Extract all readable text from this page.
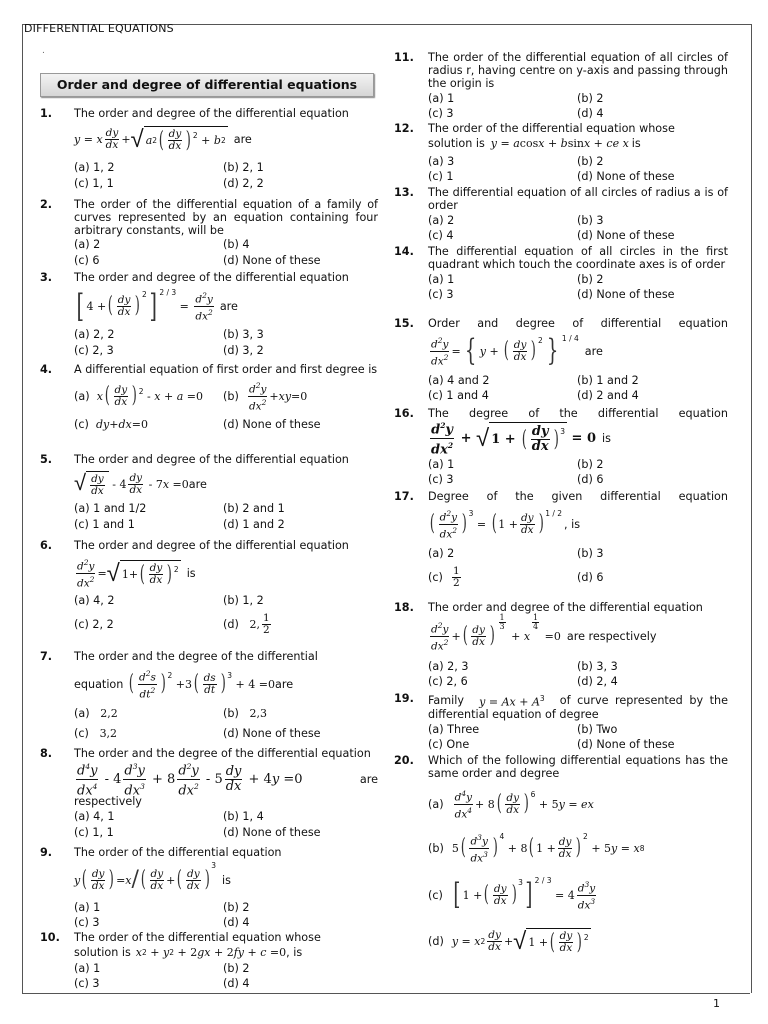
DIFFERENTIAL EQUATIONS
.
Order and degree of differential equations
1.	The order and degree of the differential equation
y = x $\frac{dy}{dx}$ + √ a 2 ( $\frac{dy}{dx} )^2 + b$ 2 are
(a) 1, 2	(b) 2, 1
(c) 1, 1	(d) 2, 2
2.	The order of the differential equation of a family of curves represented by an equation containing four arbitrary constants, will be
(a) 2	(b) 4
(c) 6	(d) None of these
3.	The order and degree of the differential equation
[ 4 + ( $\frac{dy}{dx} )^2$ ] $^{2 / 3}$
= $\frac{d^2y}{dx^2}$ are
(a) 2, 2	(b) 3, 3
(c) 2, 3	(d) 3, 2
4.	A differential equation of first order and first degree is
(a) x ( $\frac{dy}{dx} )^2 - x + a =0$ $(b) \frac{d^2y}{dx^2}$ + xy =0
(c) dy+dx=0	(d) None of these
5.	The order and degree of the differential equation
√ $\frac{dy}{dx} - 4 \frac{dy}{dx} - 7$ x =0 are
(a) 1 and 1/2	(b) 2 and 1
(c) 1 and 1	(d) 1 and 2
6.	The order and degree of the differential equation
$\frac{d^2y}{dx^2}$ = √ 1+ ( $\frac{dy}{dx} )^2$ is
(a) 4, 2	(b) 1, 2
(c) 2, 2	(d)
2, $\frac{1}{2}$
7.	The order and the degree of the differential
equation ( $\frac{d^2s}{dt^2} )^2$
+3 ( $\frac{ds}{dt} )^3$
+ 4 =0 are
(a) 2,2	(b) 2,3
(c) 3,2	(d) None of these
8.	The order and the degree of the differential equation
$\frac{d^4y}{dx^4} - 4 \frac{d^3y}{dx^3} + 8 \frac{d^2y}{dx^2} - 5 \frac{dy}{dx} + 4$ y =0	are
respectively
(a) 4, 1	(b) 1, 4
(c) 1, 1	(d) None of these
9.	The order of the differential equation
y ( $\frac{dy}{dx}$ ) = x / ( $\frac{dy}{dx}$ + ( $\frac{dy}{dx}$ )
$^3$
is
(a) 1	(b) 2
(c) 3	(d) 4
10.	The order of the differential equation whose
solution is x 2 + y 2 + 2 gx + 2 fy + c =0 , is
(a) 1	(b) 2
(c) 3	(d) 4
11.	The order of the differential equation of all circles of radius r, having centre on y-axis and passing through the origin is
(a) 1	(b) 2
(c) 3	(d) 4
12.	The order of the differential equation whose
solution is y = a cos x + b sin x + ce x is
(a) 3	(b) 2
(c) 1	(d) None of these
13.	The differential equation of all circles of radius a is of order
(a) 2	(b) 3
(c) 4	(d) None of these
14.	The differential equation of all circles in the first quadrant which touch the coordinate axes is of order
(a) 1	(b) 2
(c) 3	(d) None of these
15.	Order and degree of differential equation
$\frac{d^2y}{dx^2}$ = { y + ( $\frac{dy}{dx} )^2$ } $^{1 / 4}$
are
(a) 4 and 2	(b) 1 and 2
(c) 1 and 4	(d) 2 and 4
16.	The degree of the differential equation
$\frac{d^2y}{dx^2}$ + √ 1 + ( $\frac{dy}{dx} )^3 = 0$ is
(a) 1	(b) 2
(c) 3	(d) 6
17.	Degree of the given differential equation
( $\frac{d^2y}{dx^2} )^3$
= ( $1 + \frac{dy}{dx} )^{1 / 2}$
, is
(a) 2	(b) 3
(c)
$\frac{1}{2}$	(d) 6
18.	The order and degree of the differential equation
$\frac{d^2y}{dx^2}$ + ( $\frac{dy}{dx}$ )
$\frac{1}{3}$
+ x
$\frac{1}{4}$
=0 are respectively
(a) 2, 3	(b) 3, 3
(c) 2, 6	(d) 2, 4
19.	Family $y = Ax + A^3$ of curve represented by the
differential equation of degree
(a) Three	(b) Two
(c) One	(d) None of these
20.	Which of the following differential equations has the same order and degree
$(a) \frac{d^4y}{dx^4} + 8$ ( $\frac{dy}{dx} )^6$
+ 5 y = e x
(b) 5 ( $\frac{d^3y}{dx^3} )^4$
+ 8 ( $1 + \frac{dy}{dx} )^2$
+ 5 y = x 8
(c) [ 1 + ( $\frac{dy}{dx} )^3$ ] $^{2 / 3}$
= $4 \frac{d^3y}{dx^3}$
(d) y = x $2 \frac{dy}{dx}$ + √ 1 + ( $\frac{dy}{dx} )^2$
1
